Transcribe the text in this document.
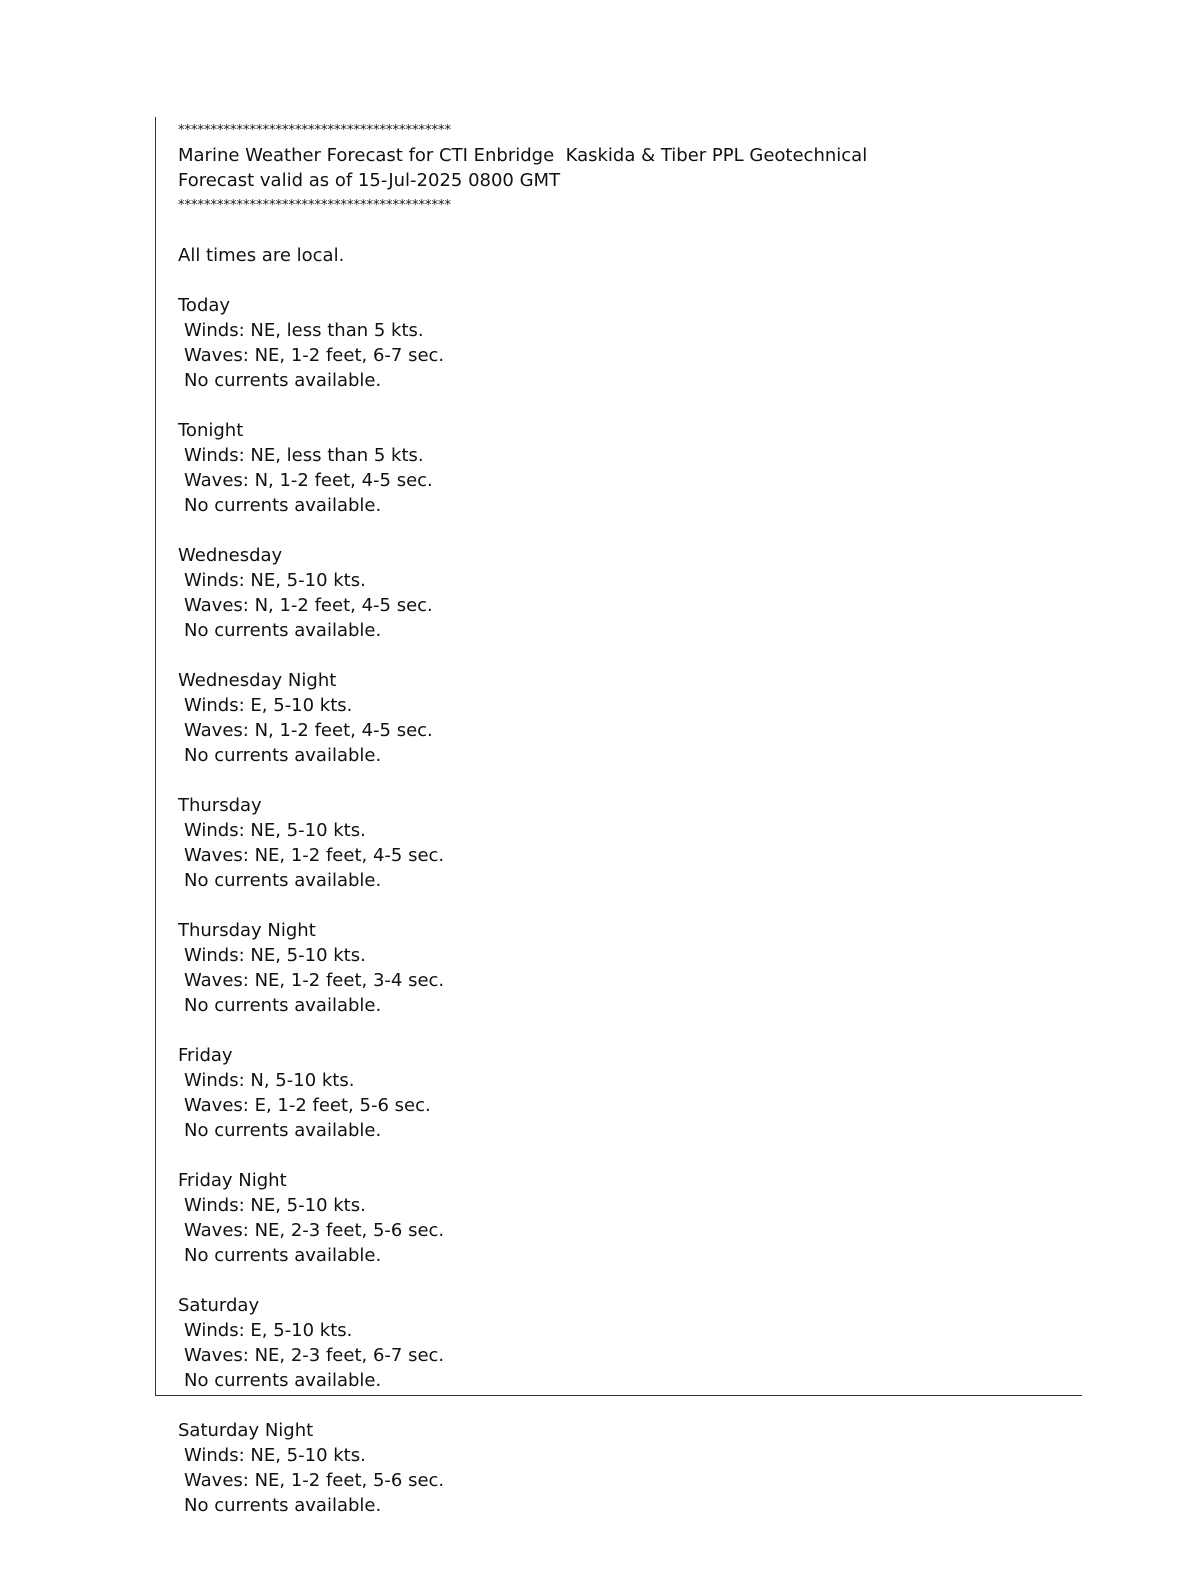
******************************************
Marine Weather Forecast for CTI Enbridge  Kaskida & Tiber PPL Geotechnical
Forecast valid as of 15-Jul-2025 0800 GMT
******************************************
All times are local.
Today
Winds: NE, less than 5 kts.
Waves: NE, 1-2 feet, 6-7 sec.
No currents available.
Tonight
Winds: NE, less than 5 kts.
Waves: N, 1-2 feet, 4-5 sec.
No currents available.
Wednesday
Winds: NE, 5-10 kts.
Waves: N, 1-2 feet, 4-5 sec.
No currents available.
Wednesday Night
Winds: E, 5-10 kts.
Waves: N, 1-2 feet, 4-5 sec.
No currents available.
Thursday
Winds: NE, 5-10 kts.
Waves: NE, 1-2 feet, 4-5 sec.
No currents available.
Thursday Night
Winds: NE, 5-10 kts.
Waves: NE, 1-2 feet, 3-4 sec.
No currents available.
Friday
Winds: N, 5-10 kts.
Waves: E, 1-2 feet, 5-6 sec.
No currents available.
Friday Night
Winds: NE, 5-10 kts.
Waves: NE, 2-3 feet, 5-6 sec.
No currents available.
Saturday
Winds: E, 5-10 kts.
Waves: NE, 2-3 feet, 6-7 sec.
No currents available.
Saturday Night
Winds: NE, 5-10 kts.
Waves: NE, 1-2 feet, 5-6 sec.
No currents available.
